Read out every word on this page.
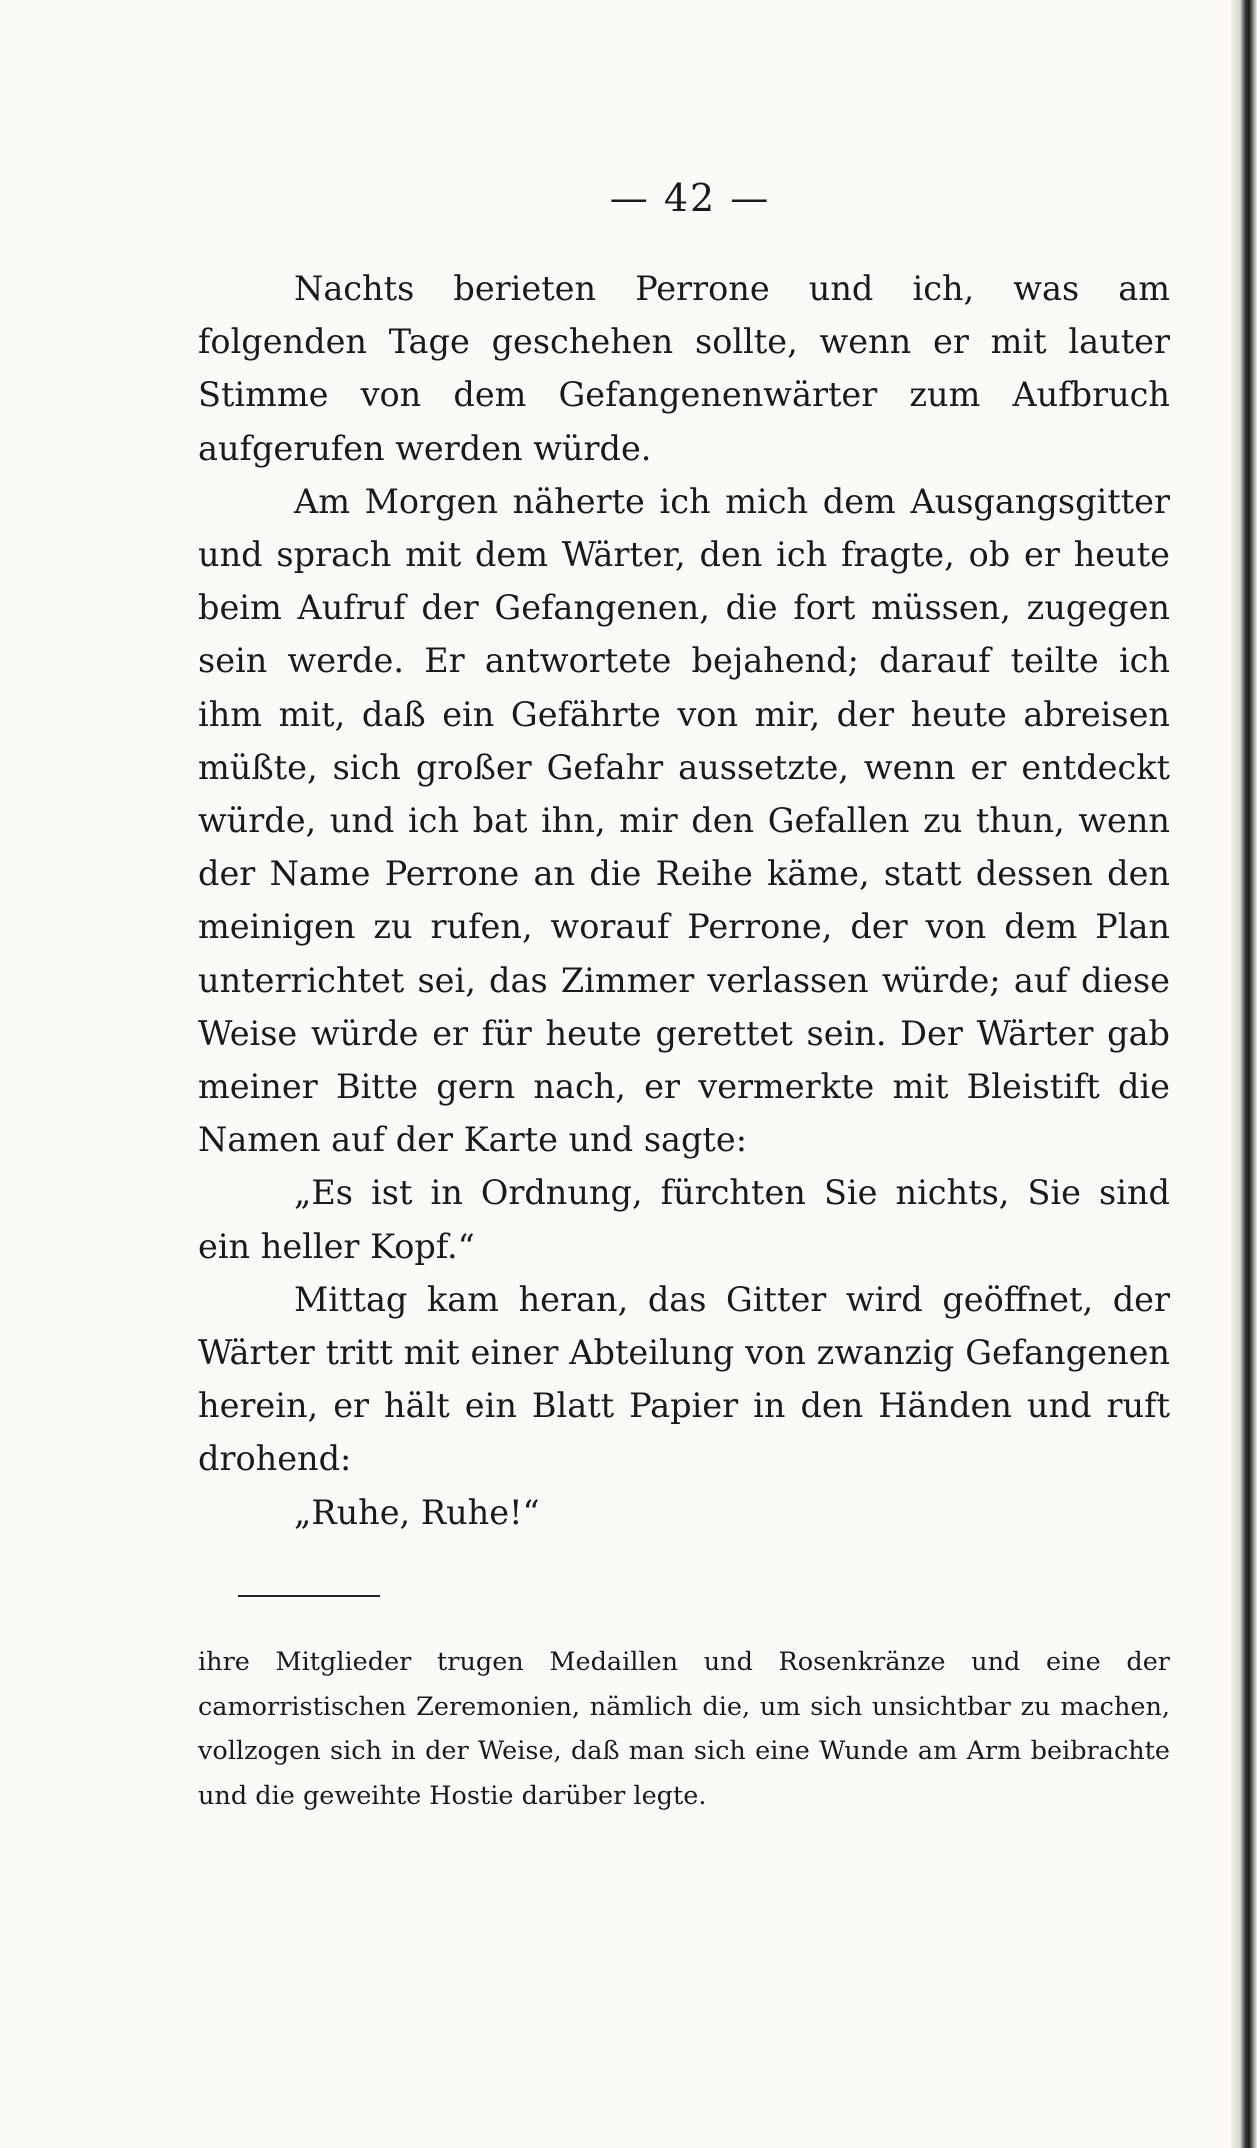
— 42 —

Nachts berieten Perrone und ich, was am folgenden Tage geschehen sollte, wenn er mit lauter Stimme von dem Gefangenenwärter zum Aufbruch aufgerufen werden würde.

Am Morgen näherte ich mich dem Ausgangsgitter und sprach mit dem Wärter, den ich fragte, ob er heute beim Aufruf der Gefangenen, die fort müssen, zugegen sein werde. Er antwortete bejahend; darauf teilte ich ihm mit, daß ein Gefährte von mir, der heute abreisen müßte, sich großer Gefahr aussetzte, wenn er entdeckt würde, und ich bat ihn, mir den Gefallen zu thun, wenn der Name Perrone an die Reihe käme, statt dessen den meinigen zu rufen, worauf Perrone, der von dem Plan unterrichtet sei, das Zimmer verlassen würde; auf diese Weise würde er für heute gerettet sein. Der Wärter gab meiner Bitte gern nach, er vermerkte mit Bleistift die Namen auf der Karte und sagte:

„Es ist in Ordnung, fürchten Sie nichts, Sie sind ein heller Kopf.“

Mittag kam heran, das Gitter wird geöffnet, der Wärter tritt mit einer Abteilung von zwanzig Gefangenen herein, er hält ein Blatt Papier in den Händen und ruft drohend:

„Ruhe, Ruhe!“

ihre Mitglieder trugen Medaillen und Rosenkränze und eine der camorristischen Zeremonien, nämlich die, um sich unsichtbar zu machen, vollzogen sich in der Weise, daß man sich eine Wunde am Arm beibrachte und die geweihte Hostie darüber legte.
